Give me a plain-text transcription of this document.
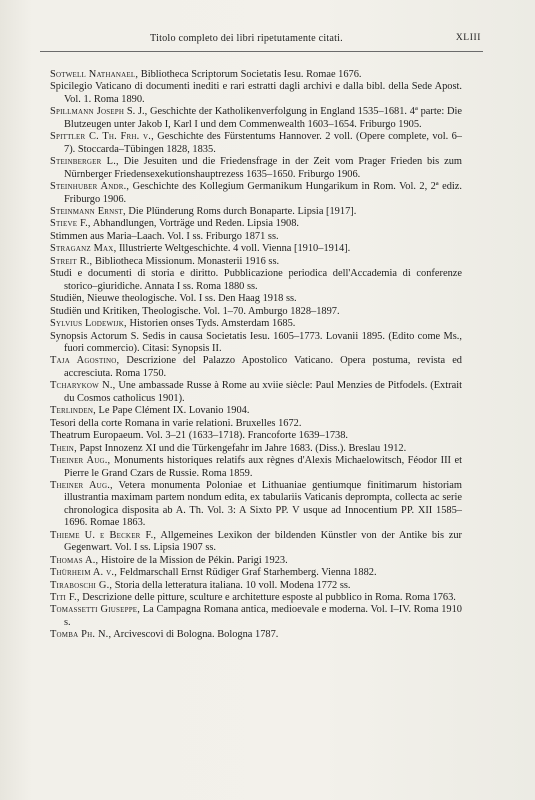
Titolo completo dei libri ripetutamente citati.	XLIII

Sotwell Nathanael, Bibliotheca Scriptorum Societatis Iesu. Romae 1676.

Spicilegio Vaticano di documenti inediti e rari estratti dagli archivi e dalla bibl. della Sede Apost. Vol. 1. Roma 1890.

Spillmann Joseph S. J., Geschichte der Katholikenverfolgung in England 1535–1681. 4ª parte: Die Blutzeugen unter Jakob I, Karl I und dem Commenwealth 1603–1654. Friburgo 1905.

Spittler C. Th. Frh. v., Geschichte des Fürstentums Hannover. 2 voll. (Opere complete, vol. 6–7). Stoccarda–Tübingen 1828, 1835.

Steinberger L., Die Jesuiten und die Friedensfrage in der Zeit vom Prager Frieden bis zum Nürnberger Friedensexekutionshauptrezess 1635–1650. Friburgo 1906.

Steinhuber Andr., Geschichte des Kollegium Germanikum Hungarikum in Rom. Vol. 2, 2ª ediz. Friburgo 1906.

Steinmann Ernst, Die Plünderung Roms durch Bonaparte. Lipsia [1917].

Stieve F., Abhandlungen, Vorträge und Reden. Lipsia 1908.

Stimmen aus Maria–Laach. Vol. I ss. Friburgo 1871 ss.

Straganz Max, Illustrierte Weltgeschichte. 4 voll. Vienna [1910–1914].

Streit R., Bibliotheca Missionum. Monasterii 1916 ss.

Studi e documenti di storia e diritto. Pubblicazione periodica dell'Accademia di conferenze storico–giuridiche. Annata I ss. Roma 1880 ss.

Studiën, Nieuwe theologische. Vol. I ss. Den Haag 1918 ss.

Studiën und Kritiken, Theologische. Vol. 1–70. Amburgo 1828–1897.

Sylvius Lodewijk, Historien onses Tyds. Amsterdam 1685.

Synopsis Actorum S. Sedis in causa Societatis Iesu. 1605–1773. Lovanii 1895. (Edito come Ms., fuori commercio). Citasi: Synopsis II.

Taja Agostino, Descrizione del Palazzo Apostolico Vaticano. Opera postuma, revista ed accresciuta. Roma 1750.

Tcharykow N., Une ambassade Russe à Rome au xviie siècle: Paul Menzies de Pitfodels. (Extrait du Cosmos catholicus 1901).

Terlinden, Le Pape Clément IX. Lovanio 1904.

Tesori della corte Romana in varie relationi. Bruxelles 1672.

Theatrum Europaeum. Vol. 3–21 (1633–1718). Francoforte 1639–1738.

Thein, Papst Innozenz XI und die Türkengefahr im Jahre 1683. (Diss.). Breslau 1912.

Theiner Aug., Monuments historiques relatifs aux règnes d'Alexis Michaelowitsch, Féodor III et Pierre le Grand Czars de Russie. Roma 1859.

Theiner Aug., Vetera monumenta Poloniae et Lithuaniae gentiumque finitimarum historiam illustrantia maximam partem nondum edita, ex tabulariis Vaticanis deprompta, collecta ac serie chronologica disposita ab A. Th. Vol. 3: A Sixto PP. V usque ad Innocentium PP. XII 1585–1696. Romae 1863.

Thieme U. e Becker F., Allgemeines Lexikon der bildenden Künstler von der Antike bis zur Gegenwart. Vol. I ss. Lipsia 1907 ss.

Thomas A., Histoire de la Mission de Pékin. Parigi 1923.

Thürheim A. v., Feldmarschall Ernst Rüdiger Graf Starhemberg. Vienna 1882.

Tiraboschi G., Storia della letteratura italiana. 10 voll. Modena 1772 ss.

Titi F., Descrizione delle pitture, sculture e architetture esposte al pubblico in Roma. Roma 1763.

Tomassetti Giuseppe, La Campagna Romana antica, medioevale e moderna. Vol. I–IV. Roma 1910 s.

Tomba Ph. N., Arcivescovi di Bologna. Bologna 1787.
